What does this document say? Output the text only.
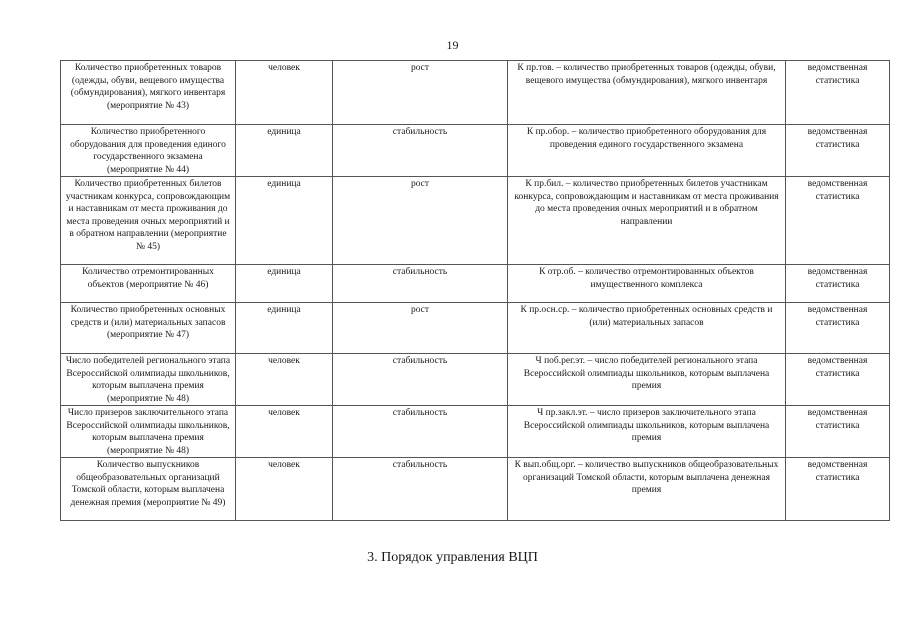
19
Количество приобретенных товаров (одежды, обуви, вещевого имущества (обмундирования), мягкого инвентаря (мероприятие № 43)	человек	рост	К пр.тов. – количество приобретенных товаров (одежды, обуви, вещевого имущества (обмундирования), мягкого инвентаря	ведомственная статистика
Количество приобретенного оборудования для проведения единого государственного экзамена (мероприятие № 44)	единица	стабильность	К пр.обор. – количество приобретенного оборудования для проведения единого государственного экзамена	ведомственная статистика
Количество приобретенных билетов участникам конкурса, сопровождающим и наставникам от места проживания до места проведения очных мероприятий и в обратном направлении (мероприятие № 45)	единица	рост	К пр.бил. – количество приобретенных билетов участникам конкурса, сопровождающим и наставникам от места проживания до места проведения очных мероприятий и в обратном направлении	ведомственная статистика
Количество отремонтированных объектов (мероприятие № 46)	единица	стабильность	К отр.об. – количество отремонтированных объектов имущественного комплекса	ведомственная статистика
Количество приобретенных основных средств и (или) материальных запасов (мероприятие № 47)	единица	рост	К пр.осн.ср. – количество приобретенных основных средств и (или) материальных запасов	ведомственная статистика
Число победителей регионального этапа Всероссийской олимпиады школьников, которым выплачена премия (мероприятие № 48)	человек	стабильность	Ч поб.рег.эт. – число победителей регионального этапа Всероссийской олимпиады школьников, которым выплачена премия	ведомственная статистика
Число призеров заключительного этапа Всероссийской олимпиады школьников, которым выплачена премия (мероприятие № 48)	человек	стабильность	Ч пр.закл.эт. – число призеров заключительного этапа Всероссийской олимпиады школьников, которым выплачена премия	ведомственная статистика
Количество выпускников общеобразовательных организаций Томской области, которым выплачена денежная премия (мероприятие № 49)	человек	стабильность	К вып.общ.орг. – количество выпускников общеобразовательных организаций Томской области, которым выплачена денежная премия	ведомственная статистика
3. Порядок управления ВЦП
